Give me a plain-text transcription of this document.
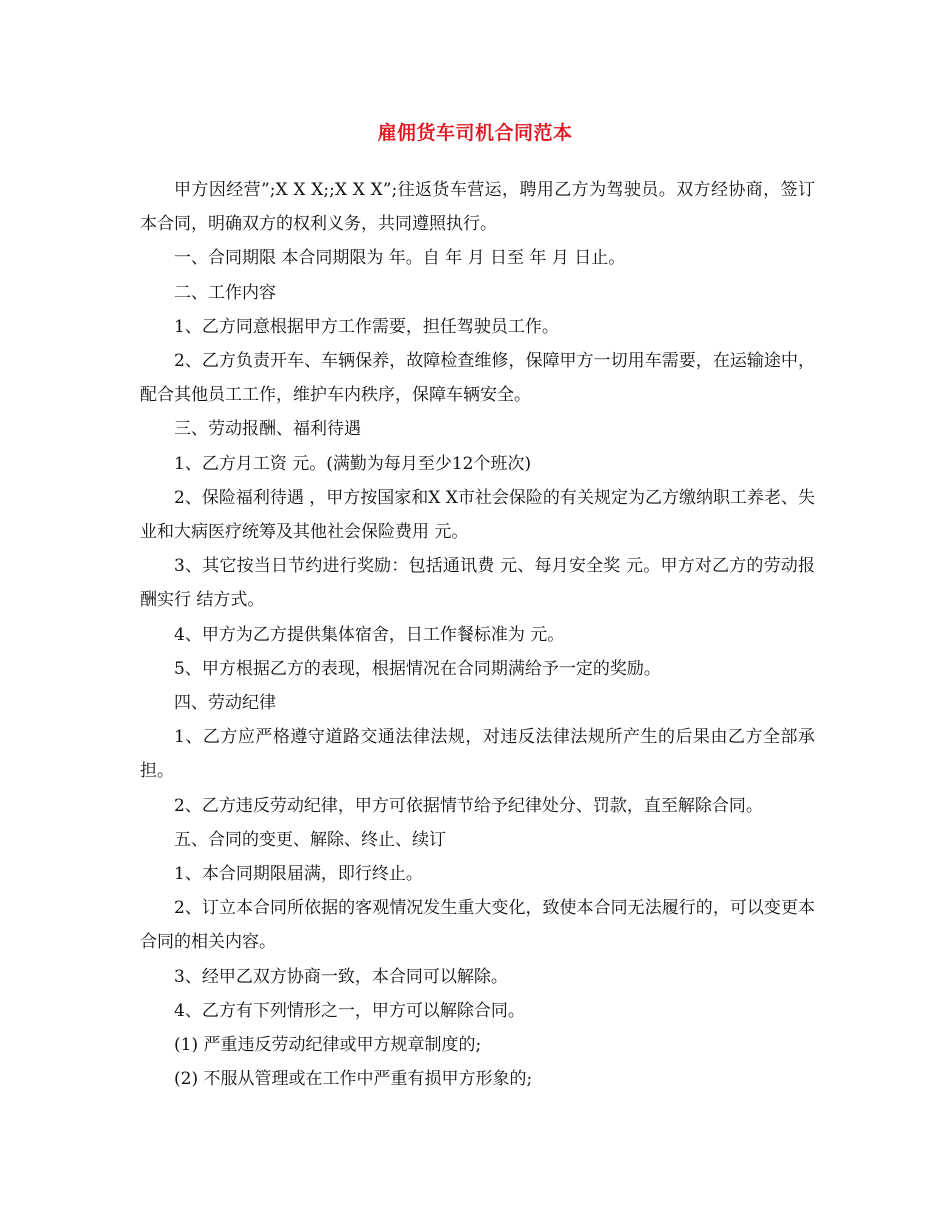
雇佣货车司机合同范本

甲方因经营”;X X X;;X X X”;往返货车营运，聘用乙方为驾驶员。双方经协商，签订本合同，明确双方的权利义务，共同遵照执行。

一、合同期限 本合同期限为 年。自 年 月 日至 年 月 日止。

二、工作内容

1、乙方同意根据甲方工作需要，担任驾驶员工作。

2、乙方负责开车、车辆保养，故障检查维修，保障甲方一切用车需要，在运输途中，配合其他员工工作，维护车内秩序，保障车辆安全。

三、劳动报酬、福利待遇

1、乙方月工资 元。(满勤为每月至少12个班次)

2、保险福利待遇 ，甲方按国家和X X市社会保险的有关规定为乙方缴纳职工养老、失业和大病医疗统筹及其他社会保险费用 元。

3、其它按当日节约进行奖励：包括通讯费 元、每月安全奖 元。甲方对乙方的劳动报酬实行 结方式。

4、甲方为乙方提供集体宿舍，日工作餐标准为 元。

5、甲方根据乙方的表现，根据情况在合同期满给予一定的奖励。

四、劳动纪律

1、乙方应严格遵守道路交通法律法规，对违反法律法规所产生的后果由乙方全部承担。

2、乙方违反劳动纪律，甲方可依据情节给予纪律处分、罚款，直至解除合同。

五、合同的变更、解除、终止、续订

1、本合同期限届满，即行终止。

2、订立本合同所依据的客观情况发生重大变化，致使本合同无法履行的，可以变更本合同的相关内容。

3、经甲乙双方协商一致，本合同可以解除。

4、乙方有下列情形之一，甲方可以解除合同。

(1) 严重违反劳动纪律或甲方规章制度的;

(2) 不服从管理或在工作中严重有损甲方形象的;
